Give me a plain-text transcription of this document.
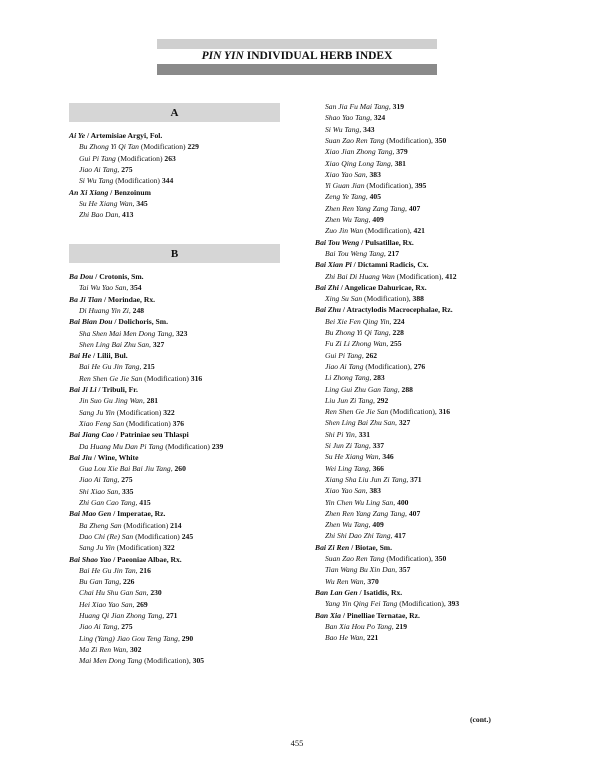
PIN YIN INDIVIDUAL HERB INDEX

A
B
Ai Ye / Artemisiae Argyi, Fol.
Bu Zhong Yi Qi Tan (Modification) 229
Gui Pi Tang (Modification) 263
Jiao Ai Tang, 275
Si Wu Tang (Modification) 344
An Xi Xiang / Benzoinum
Su He Xiang Wan, 345
Zhi Bao Dan, 413
Ba Dou / Crotonis, Sm.
Tai Wu Yao San, 354
Ba Ji Tian / Morindae, Rx.
Di Huang Yin Zi, 248
Bai Bian Dou / Dolichoris, Sm.
Sha Shen Mai Men Dong Tang, 323
Shen Ling Bai Zhu San, 327
Bai He / Lilii, Bul.
Bai He Gu Jin Tang, 215
Ren Shen Ge Jie San (Modification) 316
Bai Ji Li / Tribuli, Fr.
Jin Suo Gu Jing Wan, 281
Sang Ju Yin (Modification) 322
Xiao Feng San (Modification) 376
Bai Jiang Cao / Patriniae seu Thlaspi
Da Huang Mu Dan Pi Tang (Modification) 239
Bai Jiu / Wine, White
Gua Lou Xie Bai Bai Jiu Tang, 260
Jiao Ai Tang, 275
Shi Xiao San, 335
Zhi Gan Cao Tang, 415
Bai Mao Gen / Imperatae, Rz.
Ba Zheng San (Modification) 214
Dao Chi (Re) San (Modification) 245
Sang Ju Yin (Modification) 322
Bai Shao Yao / Paeoniae Albae, Rx.
Bai He Gu Jin Tan, 216
Bu Gan Tang, 226
Chai Hu Shu Gan San, 230
Hei Xiao Yao San, 269
Huang Qi Jian Zhong Tang, 271
Jiao Ai Tang, 275
Ling (Yang) Jiao Gou Teng Tang, 290
Ma Zi Ren Wan, 302
Mai Men Dong Tang (Modification), 305
San Jia Fu Mai Tang, 319
Shao Yao Tang, 324
Si Wu Tang, 343
Suan Zao Ren Tang (Modification), 350
Xiao Jian Zhong Tang, 379
Xiao Qing Long Tang, 381
Xiao Yao San, 383
Yi Guan Jian (Modification), 395
Zeng Ye Tang, 405
Zhen Ren Yang Zang Tang, 407
Zhen Wu Tang, 409
Zuo Jin Wan (Modification), 421
Bai Tou Weng / Pulsatillae, Rx.
Bai Tou Weng Tang, 217
Bai Xian Pi / Dictamni Radicis, Cx.
Zhi Bai Di Huang Wan (Modification), 412
Bai Zhi / Angelicae Dahuricae, Rx.
Xing Su San (Modification), 388
Bai Zhu / Atractylodis Macrocephalae, Rz.
Bei Xie Fen Qing Yin, 224
Bu Zhong Yi Qi Tang, 228
Fu Zi Li Zhong Wan, 255
Gui Pi Tang, 262
Jiao Ai Tang (Modification), 276
Li Zhong Tang, 283
Ling Gui Zhu Gan Tang, 288
Liu Jun Zi Tang, 292
Ren Shen Ge Jie San (Modification), 316
Shen Ling Bai Zhu San, 327
Shi Pi Yin, 331
Si Jun Zi Tang, 337
Su He Xiang Wan, 346
Wei Ling Tang, 366
Xiang Sha Liu Jun Zi Tang, 371
Xiao Yao San, 383
Yin Chen Wu Ling San, 400
Zhen Ren Yang Zang Tang, 407
Zhen Wu Tang, 409
Zhi Shi Dao Zhi Tang, 417
Bai Zi Ren / Biotae, Sm.
Suan Zao Ren Tang (Modification), 350
Tian Wang Bu Xin Dan, 357
Wu Ren Wan, 370
Ban Lan Gen / Isatidis, Rx.
Yang Yin Qing Fei Tang (Modification), 393
Ban Xia / Pinelliae Ternatae, Rz.
Ban Xia Hou Po Tang, 219
Bao He Wan, 221
(cont.)
455
